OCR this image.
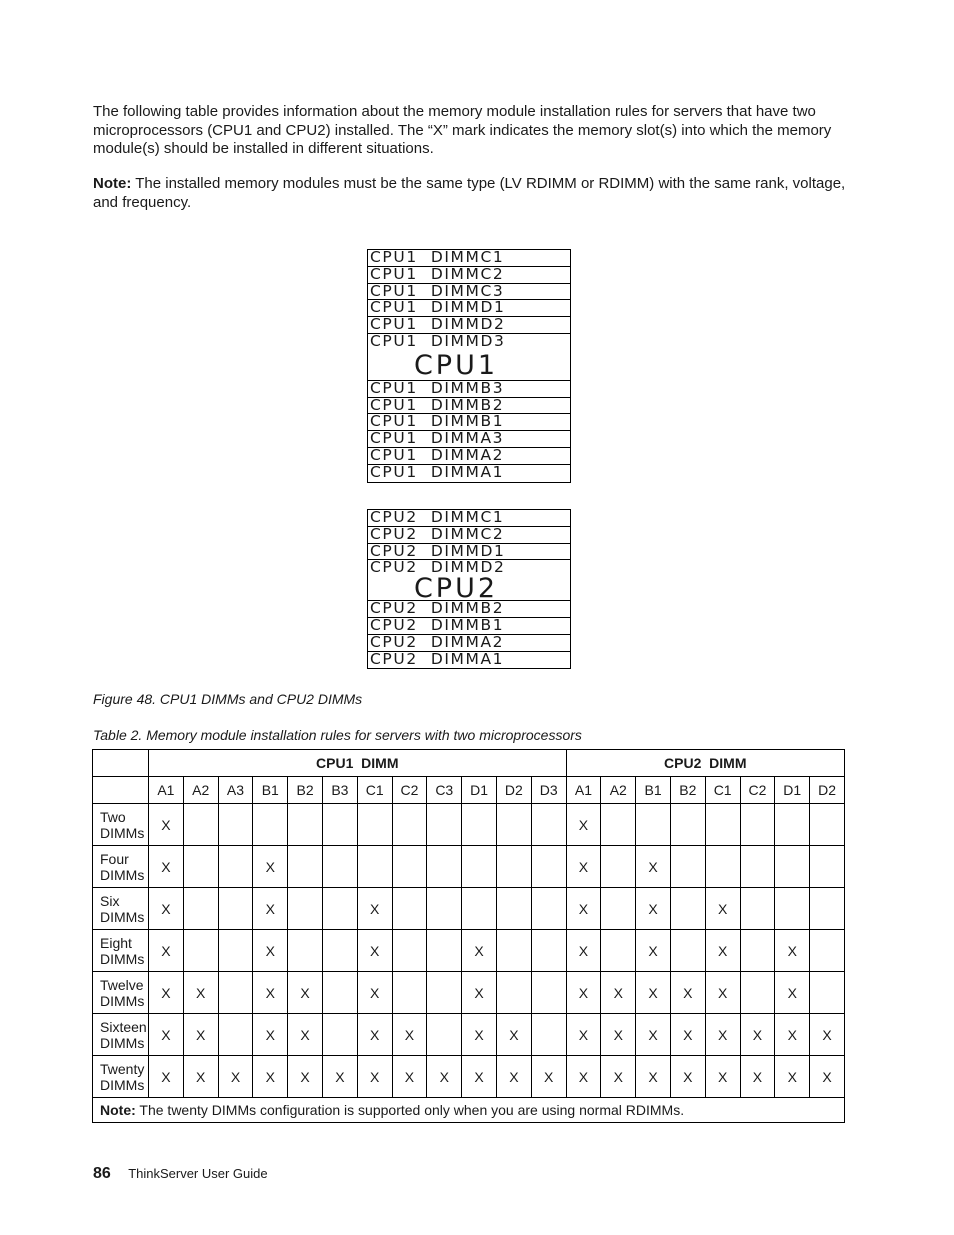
The following table provides information about the memory module installation rules for servers that have two microprocessors (CPU1 and CPU2) installed. The “X” mark indicates the memory slot(s) into which the memory module(s) should be installed in different situations.

Note: The installed memory modules must be the same type (LV RDIMM or RDIMM) with the same rank, voltage, and frequency.

CPU1  DIMMC1
CPU1  DIMMC2
CPU1  DIMMC3
CPU1  DIMMD1
CPU1  DIMMD2
CPU1  DIMMD3
CPU1
CPU1  DIMMB3
CPU1  DIMMB2
CPU1  DIMMB1
CPU1  DIMMA3
CPU1  DIMMA2
CPU1  DIMMA1
CPU2  DIMMC1
CPU2  DIMMC2
CPU2  DIMMD1
CPU2  DIMMD2
CPU2
CPU2  DIMMB2
CPU2  DIMMB1
CPU2  DIMMA2
CPU2  DIMMA1

Figure 48. CPU1 DIMMs and CPU2 DIMMs

Table 2. Memory module installation rules for servers with two microprocessors

	CPU1  DIMM												CPU2  DIMM							
	A1	A2	A3	B1	B2	B3	C1	C2	C3	D1	D2	D3	A1	A2	B1	B2	C1	C2	D1	D2

Two
DIMMs	X												X							

Four
DIMMs	X			X									X		X					

Six
DIMMs	X			X			X						X		X		X			

Eight
DIMMs	X			X			X			X			X		X		X		X	

Twelve
DIMMs	X	X		X	X		X			X			X	X	X	X	X		X	

Sixteen
DIMMs	X	X		X	X		X	X		X	X		X	X	X	X	X	X	X	X

Twenty
DIMMs	X	X	X	X	X	X	X	X	X	X	X	X	X	X	X	X	X	X	X	X
Note: The twenty DIMMs configuration is supported only when you are using normal RDIMMs.																				
86 ThinkServer User Guide
